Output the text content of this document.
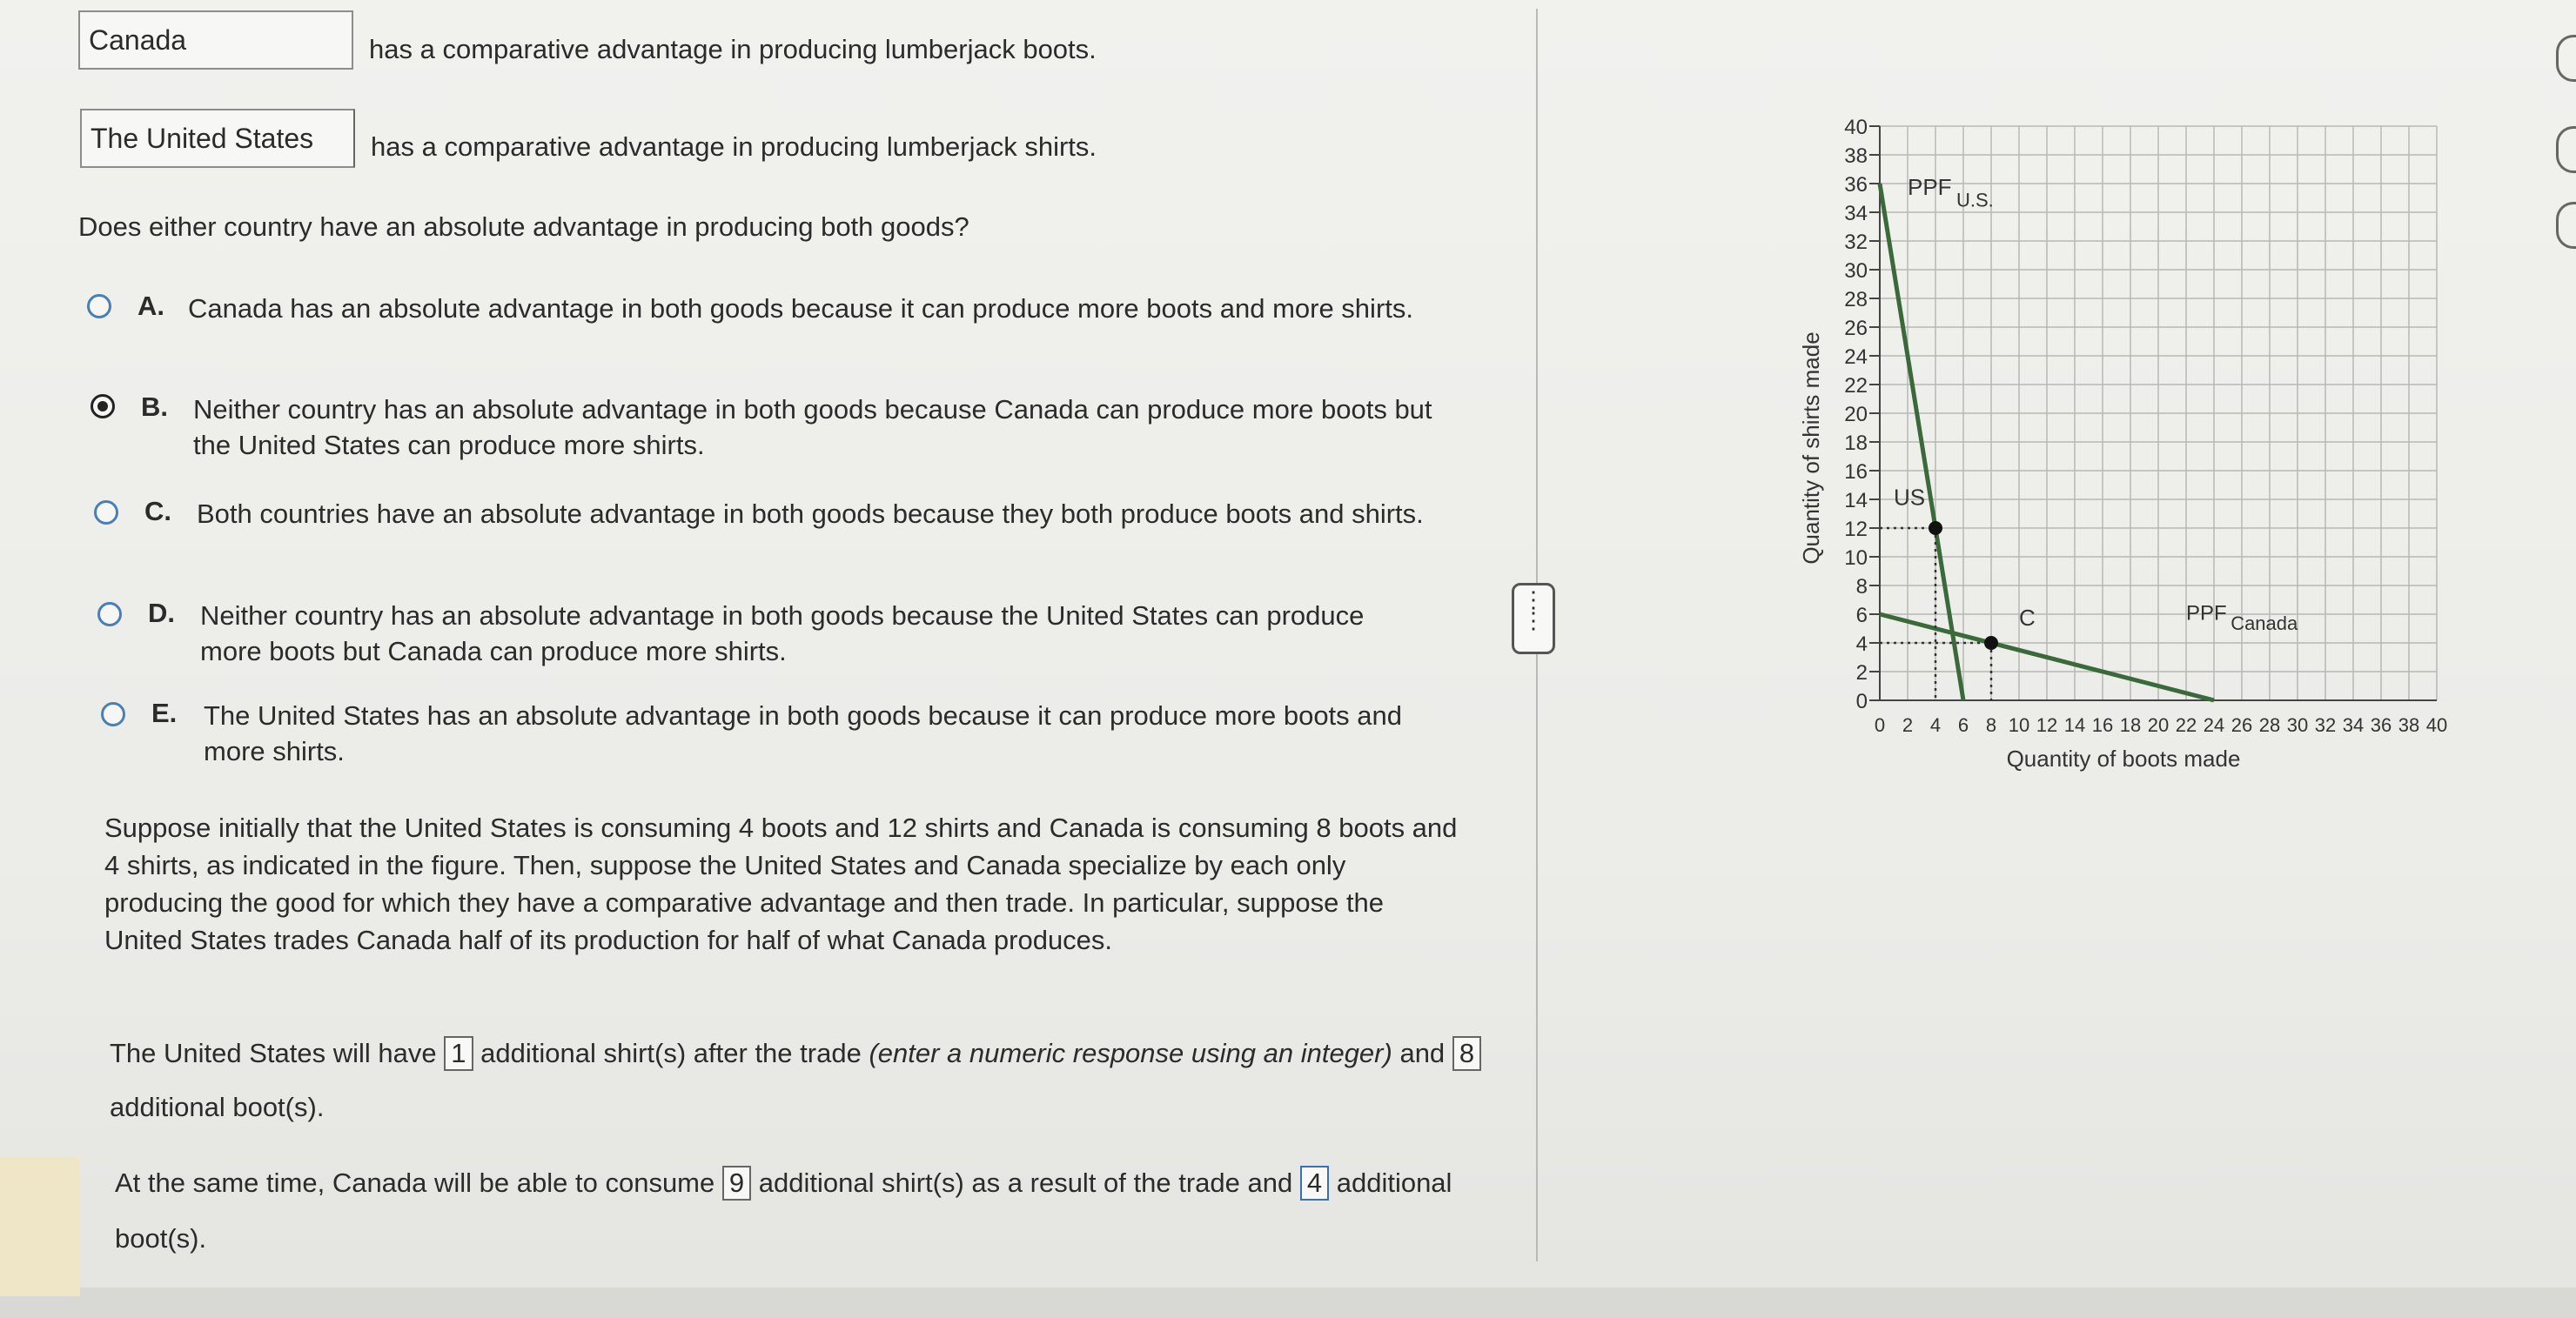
Canada	has a comparative advantage in producing lumberjack boots.
The United States	has a comparative advantage in producing lumberjack shirts.
Does either country have an absolute advantage in producing both goods?
A. Canada has an absolute advantage in both goods because it can produce more boots and more shirts.
B. Neither country has an absolute advantage in both goods because Canada can produce more boots but the United States can produce more shirts.
C. Both countries have an absolute advantage in both goods because they both produce boots and shirts.
D. Neither country has an absolute advantage in both goods because the United States can produce more boots but Canada can produce more shirts.
E. The United States has an absolute advantage in both goods because it can produce more boots and more shirts.
Suppose initially that the United States is consuming 4 boots and 12 shirts and Canada is consuming 8 boots and 4 shirts, as indicated in the figure. Then, suppose the United States and Canada specialize by each only producing the good for which they have a comparative advantage and then trade. In particular, suppose the United States trades Canada half of its production for half of what Canada produces.
The United States will have 1 additional shirt(s) after the trade (enter a numeric response using an integer) and 8 additional boot(s).
At the same time, Canada will be able to consume 9 additional shirt(s) as a result of the trade and 4 additional boot(s).
⋮
⋮
0
2
4
6
8
10
12
14
16
18
20
22
24
26
28
30
32
34
36
38
40
0 2 4 6 8 10 12 14 16 18 20 22 24 26 28 30 32 34 36 38 40
Quantity of boots made
Quantity of shirts made
PPF U.S.
PPF Canada
US
C
